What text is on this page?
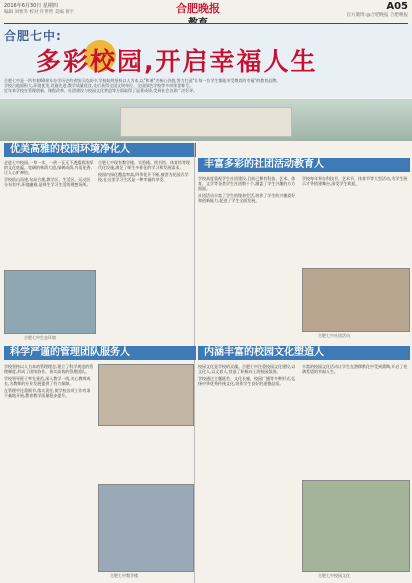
2016年6月30日 星期四
编辑 刘寒冬 校对 许世智 美编 黄宇	合肥晚报	A05
官方微博:@合肥晚报 合肥晚报
合肥七中:
多彩校园,开启幸福人生
合肥七中是一所有着60余年办学历史的省级示范高中,学校始终坚持以人为本,以"和谐"为核心价值,努力打造"让每一位学生都能享受教育的幸福"的教育品牌。
学校占地面积大,环境优美,设施先进,教学质量优良,先后获得全国文明单位、全国绿色学校等多项荣誉称号。
近年来学校在管理创新、课程改革、社团建设与校园文化营造等方面取得了显著成绩,受到社会各界广泛好评。
优美高雅的校园环境净化人

走进七中校园,一草一木、一砖一瓦无不透露着浓厚的文化底蕴。宽阔的林荫大道,绿树成荫,鸟语花香,让人心旷神怡。

学校依山而建,布局合理,教学区、生活区、运动区分布有序,环境幽雅,是师生学习生活的理想场所。

合肥七中现有教学楼、实验楼、图书馆、体育馆等现代化设施,满足了师生多样化的学习和发展需求。

校园内绿化覆盖率高,四季花开不断,被誉为花园式学校,在这里学习生活是一种幸福的享受。

合肥七中生态环境
丰富多彩的社团活动教育人

学校高度重视学生社团建设,目前已拥有科技、艺术、体育、文学等各类学生社团数十个,涵盖了学生兴趣的方方面面。

社团活动丰富了学生的课余生活,培养了学生的兴趣爱好和创新能力,促进了学生全面发展。

学校每年举办科技节、艺术节、体育节等大型活动,为学生展示才华搭建舞台,深受学生欢迎。

合肥七中社团活动
科学严谨的管理团队服务人

学校坚持以人为本的管理理念,建立了科学规范的管理制度,形成了团结协作、务实高效的管理团队。

学校领导班子率先垂范,深入教学一线,关心教师成长,为教师的专业发展提供了有力保障。

在管理中注重细节,落实责任,使学校各项工作有条不紊地开展,教育教学质量稳步提升。

合肥七中教学楼
内涵丰富的校园文化塑造人

校园文化是学校的灵魂。合肥七中注重校园文化建设,以文化人,以文育人,营造了积极向上的校园氛围。

学校通过主题班会、文化长廊、校园广播等多种形式,弘扬中华优秀传统文化,培养学生良好的道德品质。

丰富的校园文化活动让学生在潜移默化中受到熏陶,开启了充满希望的幸福人生。

合肥七中校园文化
